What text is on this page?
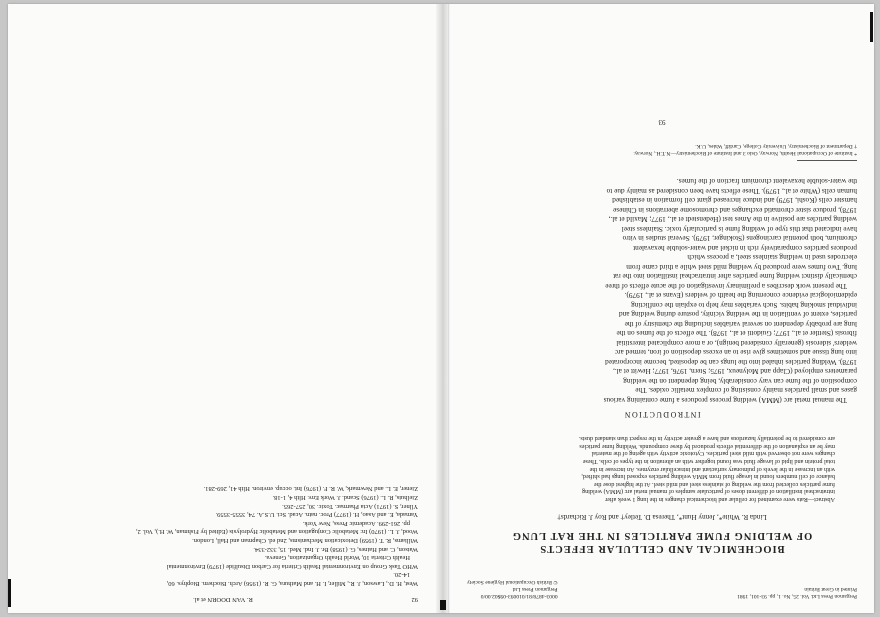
92
R. VAN DOORN et al.

West, H. D., Lawson, J. R., Miller, I. H. and Mathura, G. R. (1956) Arch. Biochem. Biophys. 60,

14-20.

WHO Task Group on Environmental Health Criteria for Carbon Disulfide (1979) Environmental

Health Criteria 10, World Health Organization, Geneva.

Watson, C. and Haines, G. (1958) Br. J. Ind. Med. 15, 332-334.

Williams, R. T. (1959) Detoxication Mechanisms, 2nd ed. Chapman and Hall, London.

Wood, J. L. (1970) In: Metabolic Conjugation and Metabolic Hydrolysis (Edited by Fishman, W. H.), Vol. 2,

pp. 261-299. Academic Press, New York.

Yamada, E. and Asao, H. (1977) Proc. natn. Acad. Sci. U.S.A. 74, 3555-3559.

Yllner, S. (1971) Acta Pharmac. Toxic. 30, 257-265.

Zielhuis, R. L. (1976) Scand. J. Work Env. Hlth 4, 1-18.

Ziener, E. L. and Newmark, W. R. F. (1976) Int. occup. environ. Hlth 41, 269-281.

Pergamon Press Ltd. Vol. 25, No. 1, pp. 93-101, 1981
Printed in Great Britain
0003-4878/81/010093-09$02.00/0
Pergamon Press Ltd
© British Occupational Hygiene Society
BIOCHEMICAL AND CELLULAR EFFECTS
OF WELDING FUME PARTICLES IN THE RAT LUNG
Linda R. White*, Jenny Hunt*, Theresa D. Tetley† and Roy J. Richards†

Abstract—Rats were examined for cellular and biochemical changes in the lung 1 week after

intratracheal instillation of different doses of particulate samples of manual metal arc (MMA) welding

fume particles collected from the welding of stainless steel and mild steel. At the highest dose the

balance of cell numbers found in lavage fluid from MMA welding particles exposed lungs had shifted,

with an increase in the levels of pulmonary surfactant and intracellular enzymes. An increase in the

total protein and lipid of lavage fluid was found together with an alteration in the types of cells. These

changes were not observed with mild steel particles. Cytotoxic activity with ageing of the material

may be an explanation of the differential effects produced by these compounds. Welding fume particles

are considered to be potentially hazardous and have a greater activity in the respect than standard dusts.

INTRODUCTION

The manual metal arc (MMA) welding process produces a fume containing various

gases and small particles mainly consisting of complex metallic oxides. The

composition of the fume can vary considerably, being dependent on the welding

parameters employed (Clapp and Molyneux, 1975; Stern, 1976, 1977; Hewitt et al.,

1978). Welding particles inhaled into the lungs can be deposited, become incorporated

into lung tissue and sometimes give rise to an excess deposition of iron, termed arc

welders' siderosis (generally considered benign), or a more complicated interstitial

fibrosis (Stettler et al., 1977; Guidotti et al., 1978). The effects of the fumes on the

lung are probably dependent on several variables including the chemistry of the

particles, extent of ventilation in the welding vicinity, posture during welding and

individual smoking habits. Such variables may help to explain the conflicting

epidemiological evidence concerning the health of welders (Evans et al., 1979).

The present work describes a preliminary investigation of the acute effects of three

chemically distinct welding fume particles after intratracheal instillation into the rat

lung. Two fumes were produced by welding mild steel while a third came from

electrodes used in welding stainless steel, a process which

produces particles comparatively rich in nickel and water-soluble hexavalent

chromium, both potential carcinogens (Stokinger, 1979). Several studies in vitro

have indicated that this type of welding fume is particularly toxic. Stainless steel

welding particles are positive in the Ames test (Hedenstedt et al., 1977; Maxild et al.,

1978), produce sister chromatid exchanges and chromosome aberrations in Chinese

hamster cells (Koshi, 1979) and induce increased giant cell formation in established

human cells (White et al., 1979). These effects have been considered as mainly due to

the water-soluble hexavalent chromium fraction of the fumes.

* Institute of Occupational Health, Norway, Oslo 3 and Institute of Biochemistry—N.T.H., Norway.
† Department of Biochemistry, University College, Cardiff, Wales, U.K.
93
